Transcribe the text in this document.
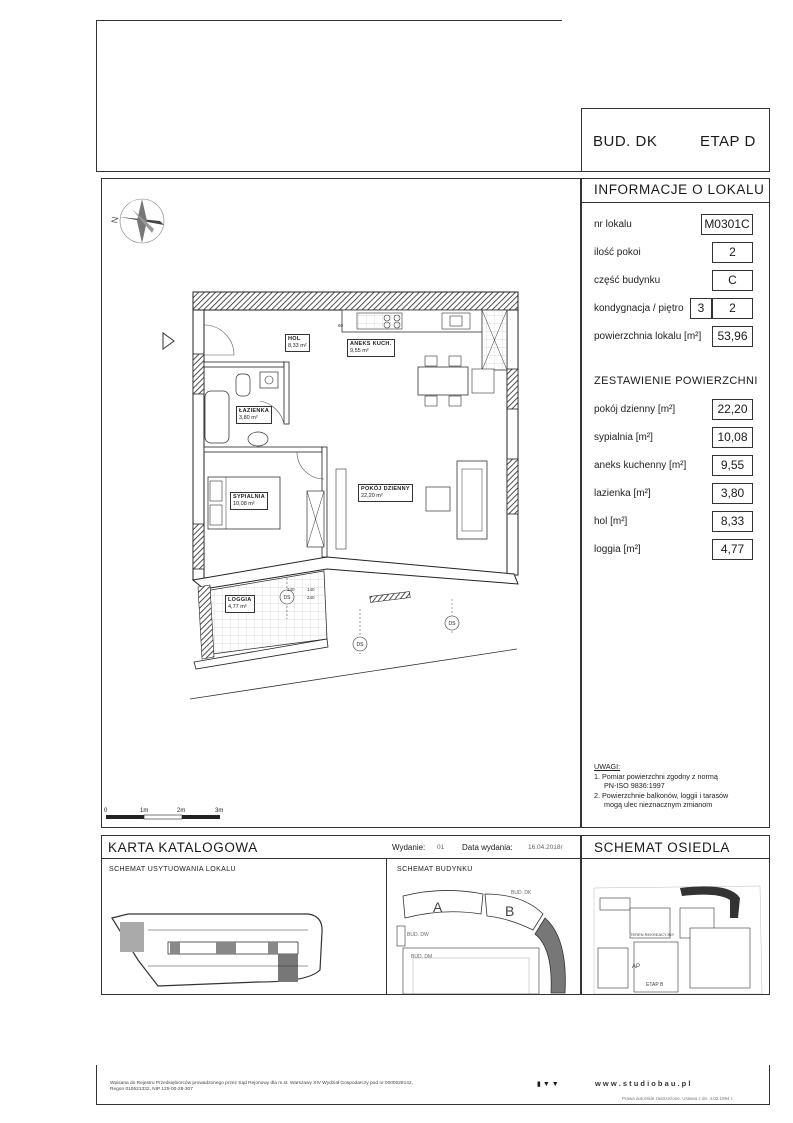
BUD. DK	ETAP D
INFORMACJE O LOKALU
nr lokalu	M0301C
ilość pokoi	2
część budynku	C
kondygnacja / piętro	3	2
powierzchnia lokalu [m²]	53,96
ZESTAWIENIE POWIERZCHNI
pokój dzienny [m²]	22,20
sypialnia [m²]	10,08
aneks kuchenny [m²]	9,55
lazienka [m²]	3,80
hol [m²]	8,33
loggia [m²]	4,77
UWAGI:
1. Pomiar powierzchni zgodny z normą
PN-ISO 9836:1997
2. Powierzchnie balkonów, loggii i tarasów
mogą ulec nieznacznym zmianom
N
DS
DS
DS
140
240
240
60
0	1m	2m	3m
HOL
8,33 m²	ANEKS KUCH.
9,55 m²
ŁAZIENKA
3,80 m²
POKÓJ DZIENNY
22,20 m²
SYPIALNIA
10,08 m²
LOGGIA
4,77 m²
KARTA KATALOGOWA	Wydanie: 01 Data wydania: 16.04.2018r SCHEMAT OSIEDLA
SCHEMAT USYTUOWANIA LOKALU	SCHEMAT BUDYNKU
A	B
BUD. DK
BUD. DW
BUD. DM
BUD. DK
TEREN REKREACYJNY
AP
ETAP B
Wpisana do Rejestru Przedsiębiorców prowadzonego przez Sąd Rejonowy dla m.st. Warszawy XIV Wydział Gospodarczy pod nr 0000028142,
Regon 010621332, NIP 125-00-28-307
▮▼▼	w w w . s t u d i o b a u . p l
Prawa autorskie zastrzeżone. Ustawa z dn. 4.02.1994 r.
